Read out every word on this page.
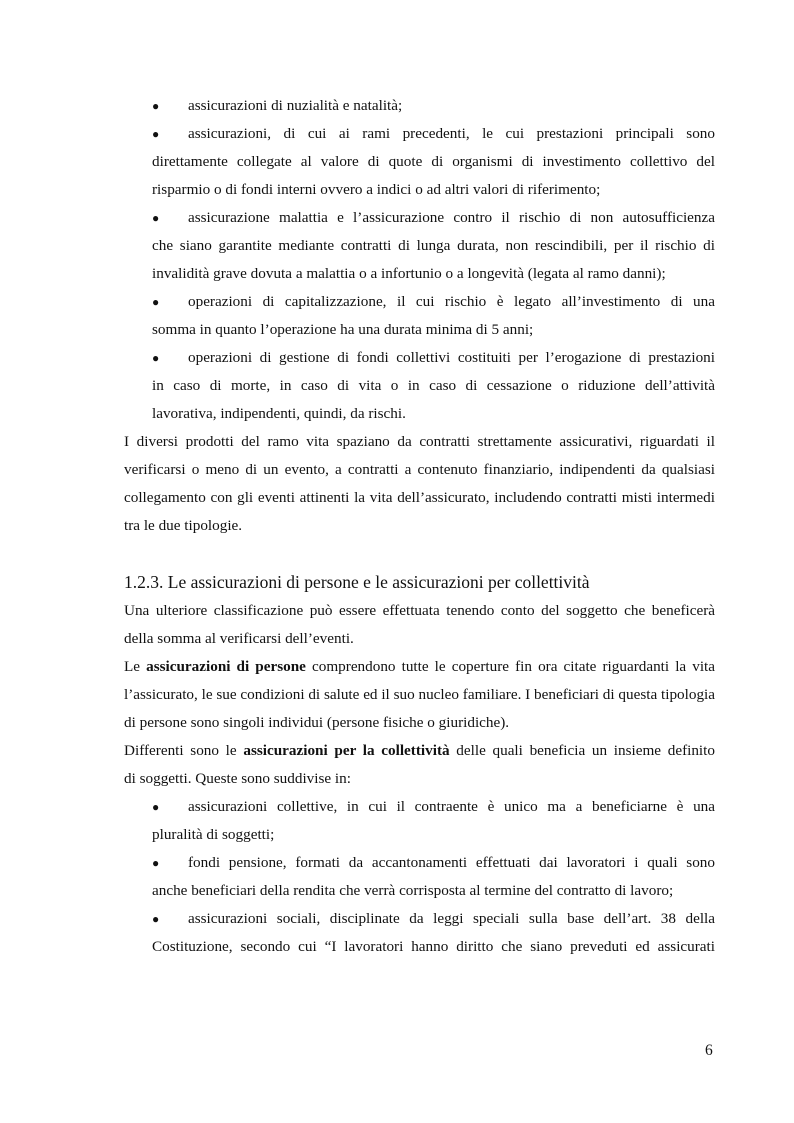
● assicurazioni di nuzialità e natalità;
● assicurazioni, di cui ai rami precedenti, le cui prestazioni principali sono
direttamente collegate al valore di quote di organismi di investimento collettivo del
risparmio o di fondi interni ovvero a indici o ad altri valori di riferimento;
● assicurazione malattia e l’assicurazione contro il rischio di non autosufficienza
che siano garantite mediante contratti di lunga durata, non rescindibili, per il rischio di
invalidità grave dovuta a malattia o a infortunio o a longevità (legata al ramo danni);
● operazioni di capitalizzazione, il cui rischio è legato all’investimento di una
somma in quanto l’operazione ha una durata minima di 5 anni;
● operazioni di gestione di fondi collettivi costituiti per l’erogazione di prestazioni
in caso di morte, in caso di vita o in caso di cessazione o riduzione dell’attività
lavorativa, indipendenti, quindi, da rischi.
I diversi prodotti del ramo vita spaziano da contratti strettamente assicurativi, riguardati il
verificarsi o meno di un evento, a contratti a contenuto finanziario, indipendenti da qualsiasi
collegamento con gli eventi attinenti la vita dell’assicurato, includendo contratti misti intermedi
tra le due tipologie.
1.2.3. Le assicurazioni di persone e le assicurazioni per collettività
Una ulteriore classificazione può essere effettuata tenendo conto del soggetto che beneficerà
della somma al verificarsi dell’eventi.
Le assicurazioni di persone comprendono tutte le coperture fin ora citate riguardanti la vita
l’assicurato, le sue condizioni di salute ed il suo nucleo familiare. I beneficiari di questa tipologia
di persone sono singoli individui (persone fisiche o giuridiche).
Differenti sono le assicurazioni per la collettività delle quali beneficia un insieme definito
di soggetti. Queste sono suddivise in:
● assicurazioni collettive, in cui il contraente è unico ma a beneficiarne è una
pluralità di soggetti;
● fondi pensione, formati da accantonamenti effettuati dai lavoratori i quali sono
anche beneficiari della rendita che verrà corrisposta al termine del contratto di lavoro;
● assicurazioni sociali, disciplinate da leggi speciali sulla base dell’art. 38 della
Costituzione, secondo cui “I lavoratori hanno diritto che siano preveduti ed assicurati
6
